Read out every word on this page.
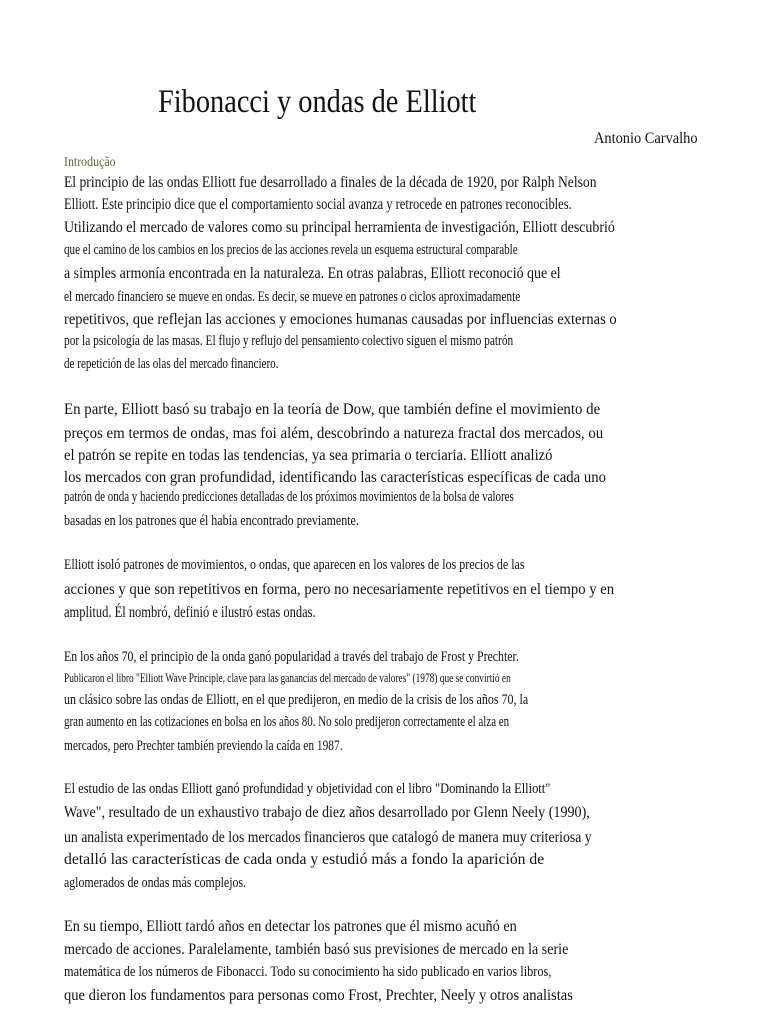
Fibonacci y ondas de Elliott
Antonio Carvalho
Introdução
El principio de las ondas Elliott fue desarrollado a finales de la década de 1920, por Ralph Nelson
Elliott. Este principio dice que el comportamiento social avanza y retrocede en patrones reconocibles.
Utilizando el mercado de valores como su principal herramienta de investigación, Elliott descubrió
que el camino de los cambios en los precios de las acciones revela un esquema estructural comparable
a simples armonía encontrada en la naturaleza. En otras palabras, Elliott reconoció que el
el mercado financiero se mueve en ondas. Es decir, se mueve en patrones o ciclos aproximadamente
repetitivos, que reflejan las acciones y emociones humanas causadas por influencias externas o
por la psicología de las masas. El flujo y reflujo del pensamiento colectivo siguen el mismo patrón
de repetición de las olas del mercado financiero.
En parte, Elliott basó su trabajo en la teoría de Dow, que también define el movimiento de
preços em termos de ondas, mas foi além, descobrindo a natureza fractal dos mercados, ou
el patrón se repite en todas las tendencias, ya sea primaria o terciaria. Elliott analizó
los mercados con gran profundidad, identificando las características específicas de cada uno
patrón de onda y haciendo predicciones detalladas de los próximos movimientos de la bolsa de valores
basadas en los patrones que él había encontrado previamente.
Elliott isoló patrones de movimientos, o ondas, que aparecen en los valores de los precios de las
acciones y que son repetitivos en forma, pero no necesariamente repetitivos en el tiempo y en
amplitud. Él nombró, definió e ilustró estas ondas.
En los años 70, el principio de la onda ganó popularidad a través del trabajo de Frost y Prechter.
Publicaron el libro "Elliott Wave Principle, clave para las ganancias del mercado de valores" (1978) que se convirtió en
un clásico sobre las ondas de Elliott, en el que predijeron, en medio de la crisis de los años 70, la
gran aumento en las cotizaciones en bolsa en los años 80. No solo predijeron correctamente el alza en
mercados, pero Prechter también previendo la caída en 1987.
El estudio de las ondas Elliott ganó profundidad y objetividad con el libro "Dominando la Elliott"
Wave", resultado de un exhaustivo trabajo de diez años desarrollado por Glenn Neely (1990),
un analista experimentado de los mercados financieros que catalogó de manera muy criteriosa y
detalló las características de cada onda y estudió más a fondo la aparición de
aglomerados de ondas más complejos.
En su tiempo, Elliott tardó años en detectar los patrones que él mismo acuñó en
mercado de acciones. Paralelamente, también basó sus previsiones de mercado en la serie
matemática de los números de Fibonacci. Todo su conocimiento ha sido publicado en varios libros,
que dieron los fundamentos para personas como Frost, Prechter, Neely y otros analistas
